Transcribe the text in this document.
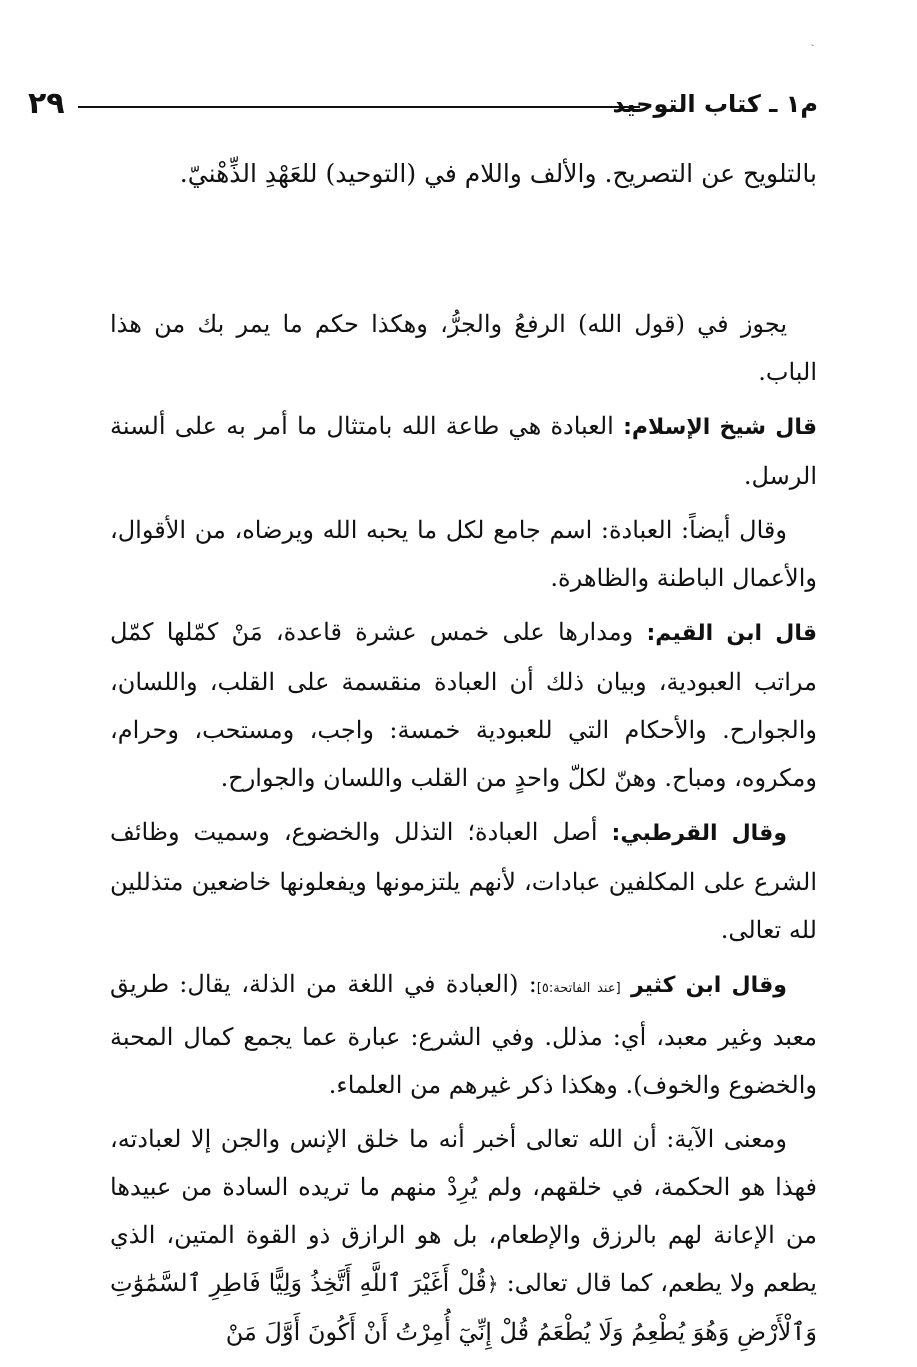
ﹳ
٢٩	م١ ـ كتاب التوحيد
بالتلويح عن التصريح. والألف واللام في (التوحيد) للعَهْدِ الذِّهْنيّ.

يجوز في (قول الله) الرفعُ والجرُّ، وهكذا حكم ما يمر بك من هذا الباب.

قال شيخ الإسلام: العبادة هي طاعة الله بامتثال ما أمر به على ألسنة الرسل.

وقال أيضاً: العبادة: اسم جامع لكل ما يحبه الله ويرضاه، من الأقوال، والأعمال الباطنة والظاهرة.

قال ابن القيم: ومدارها على خمس عشرة قاعدة، مَنْ كمّلها كمّل مراتب العبودية، وبيان ذلك أن العبادة منقسمة على القلب، واللسان، والجوارح. والأحكام التي للعبودية خمسة: واجب، ومستحب، وحرام، ومكروه، ومباح. وهنّ لكلّ واحدٍ من القلب واللسان والجوارح.

وقال القرطبي: أصل العبادة؛ التذلل والخضوع، وسميت وظائف الشرع على المكلفين عبادات، لأنهم يلتزمونها ويفعلونها خاضعين متذللين لله تعالى.

وقال ابن كثير [عند الفاتحة:٥]: (العبادة في اللغة من الذلة، يقال: طريق معبد وغير معبد، أي: مذلل. وفي الشرع: عبارة عما يجمع كمال المحبة والخضوع والخوف). وهكذا ذكر غيرهم من العلماء.

ومعنى الآية: أن الله تعالى أخبر أنه ما خلق الإنس والجن إلا لعبادته، فهذا هو الحكمة، في خلقهم، ولم يُرِدْ منهم ما تريده السادة من عبيدها من الإعانة لهم بالرزق والإطعام، بل هو الرازق ذو القوة المتين، الذي يطعم ولا يطعم، كما قال تعالى: ﴿قُلْ أَغَيْرَ ٱللَّهِ أَتَّخِذُ وَلِيًّا فَاطِرِ ٱلسَّمَٰوَٰتِ وَٱلْأَرْضِ وَهُوَ يُطْعِمُ وَلَا يُطْعَمُ قُلْ إِنِّيٓ أُمِرْتُ أَنْ أَكُونَ أَوَّلَ مَنْ
